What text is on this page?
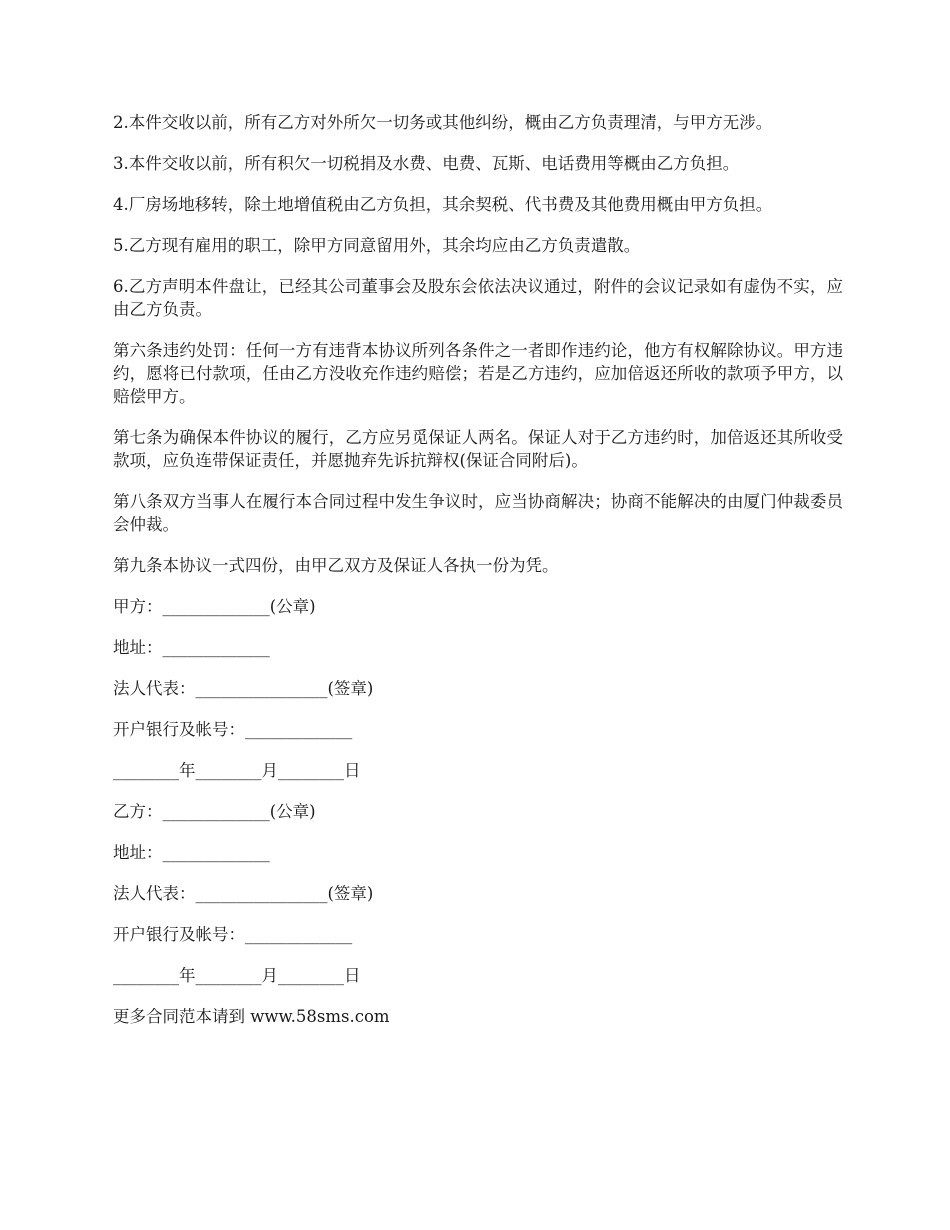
2.本件交收以前，所有乙方对外所欠一切务或其他纠纷，概由乙方负责理清，与甲方无涉。

3.本件交收以前，所有积欠一切税捐及水费、电费、瓦斯、电话费用等概由乙方负担。

4.厂房场地移转，除土地增值税由乙方负担，其余契税、代书费及其他费用概由甲方负担。

5.乙方现有雇用的职工，除甲方同意留用外，其余均应由乙方负责遣散。

6.乙方声明本件盘让，已经其公司董事会及股东会依法决议通过，附件的会议记录如有虚伪不实，应由乙方负责。

第六条违约处罚：任何一方有违背本协议所列各条件之一者即作违约论，他方有权解除协议。甲方违约，愿将已付款项，任由乙方没收充作违约赔偿；若是乙方违约，应加倍返还所收的款项予甲方，以赔偿甲方。

第七条为确保本件协议的履行，乙方应另觅保证人两名。保证人对于乙方违约时，加倍返还其所收受款项，应负连带保证责任，并愿抛弃先诉抗辩权(保证合同附后)。

第八条双方当事人在履行本合同过程中发生争议时，应当协商解决；协商不能解决的由厦门仲裁委员会仲裁。

第九条本协议一式四份，由甲乙双方及保证人各执一份为凭。

甲方：_____________(公章)

地址：_____________

法人代表：________________(签章)

开户银行及帐号：_____________

________年________月________日

乙方：_____________(公章)

地址：_____________

法人代表：________________(签章)

开户银行及帐号：_____________

________年________月________日

更多合同范本请到 www.58sms.com
